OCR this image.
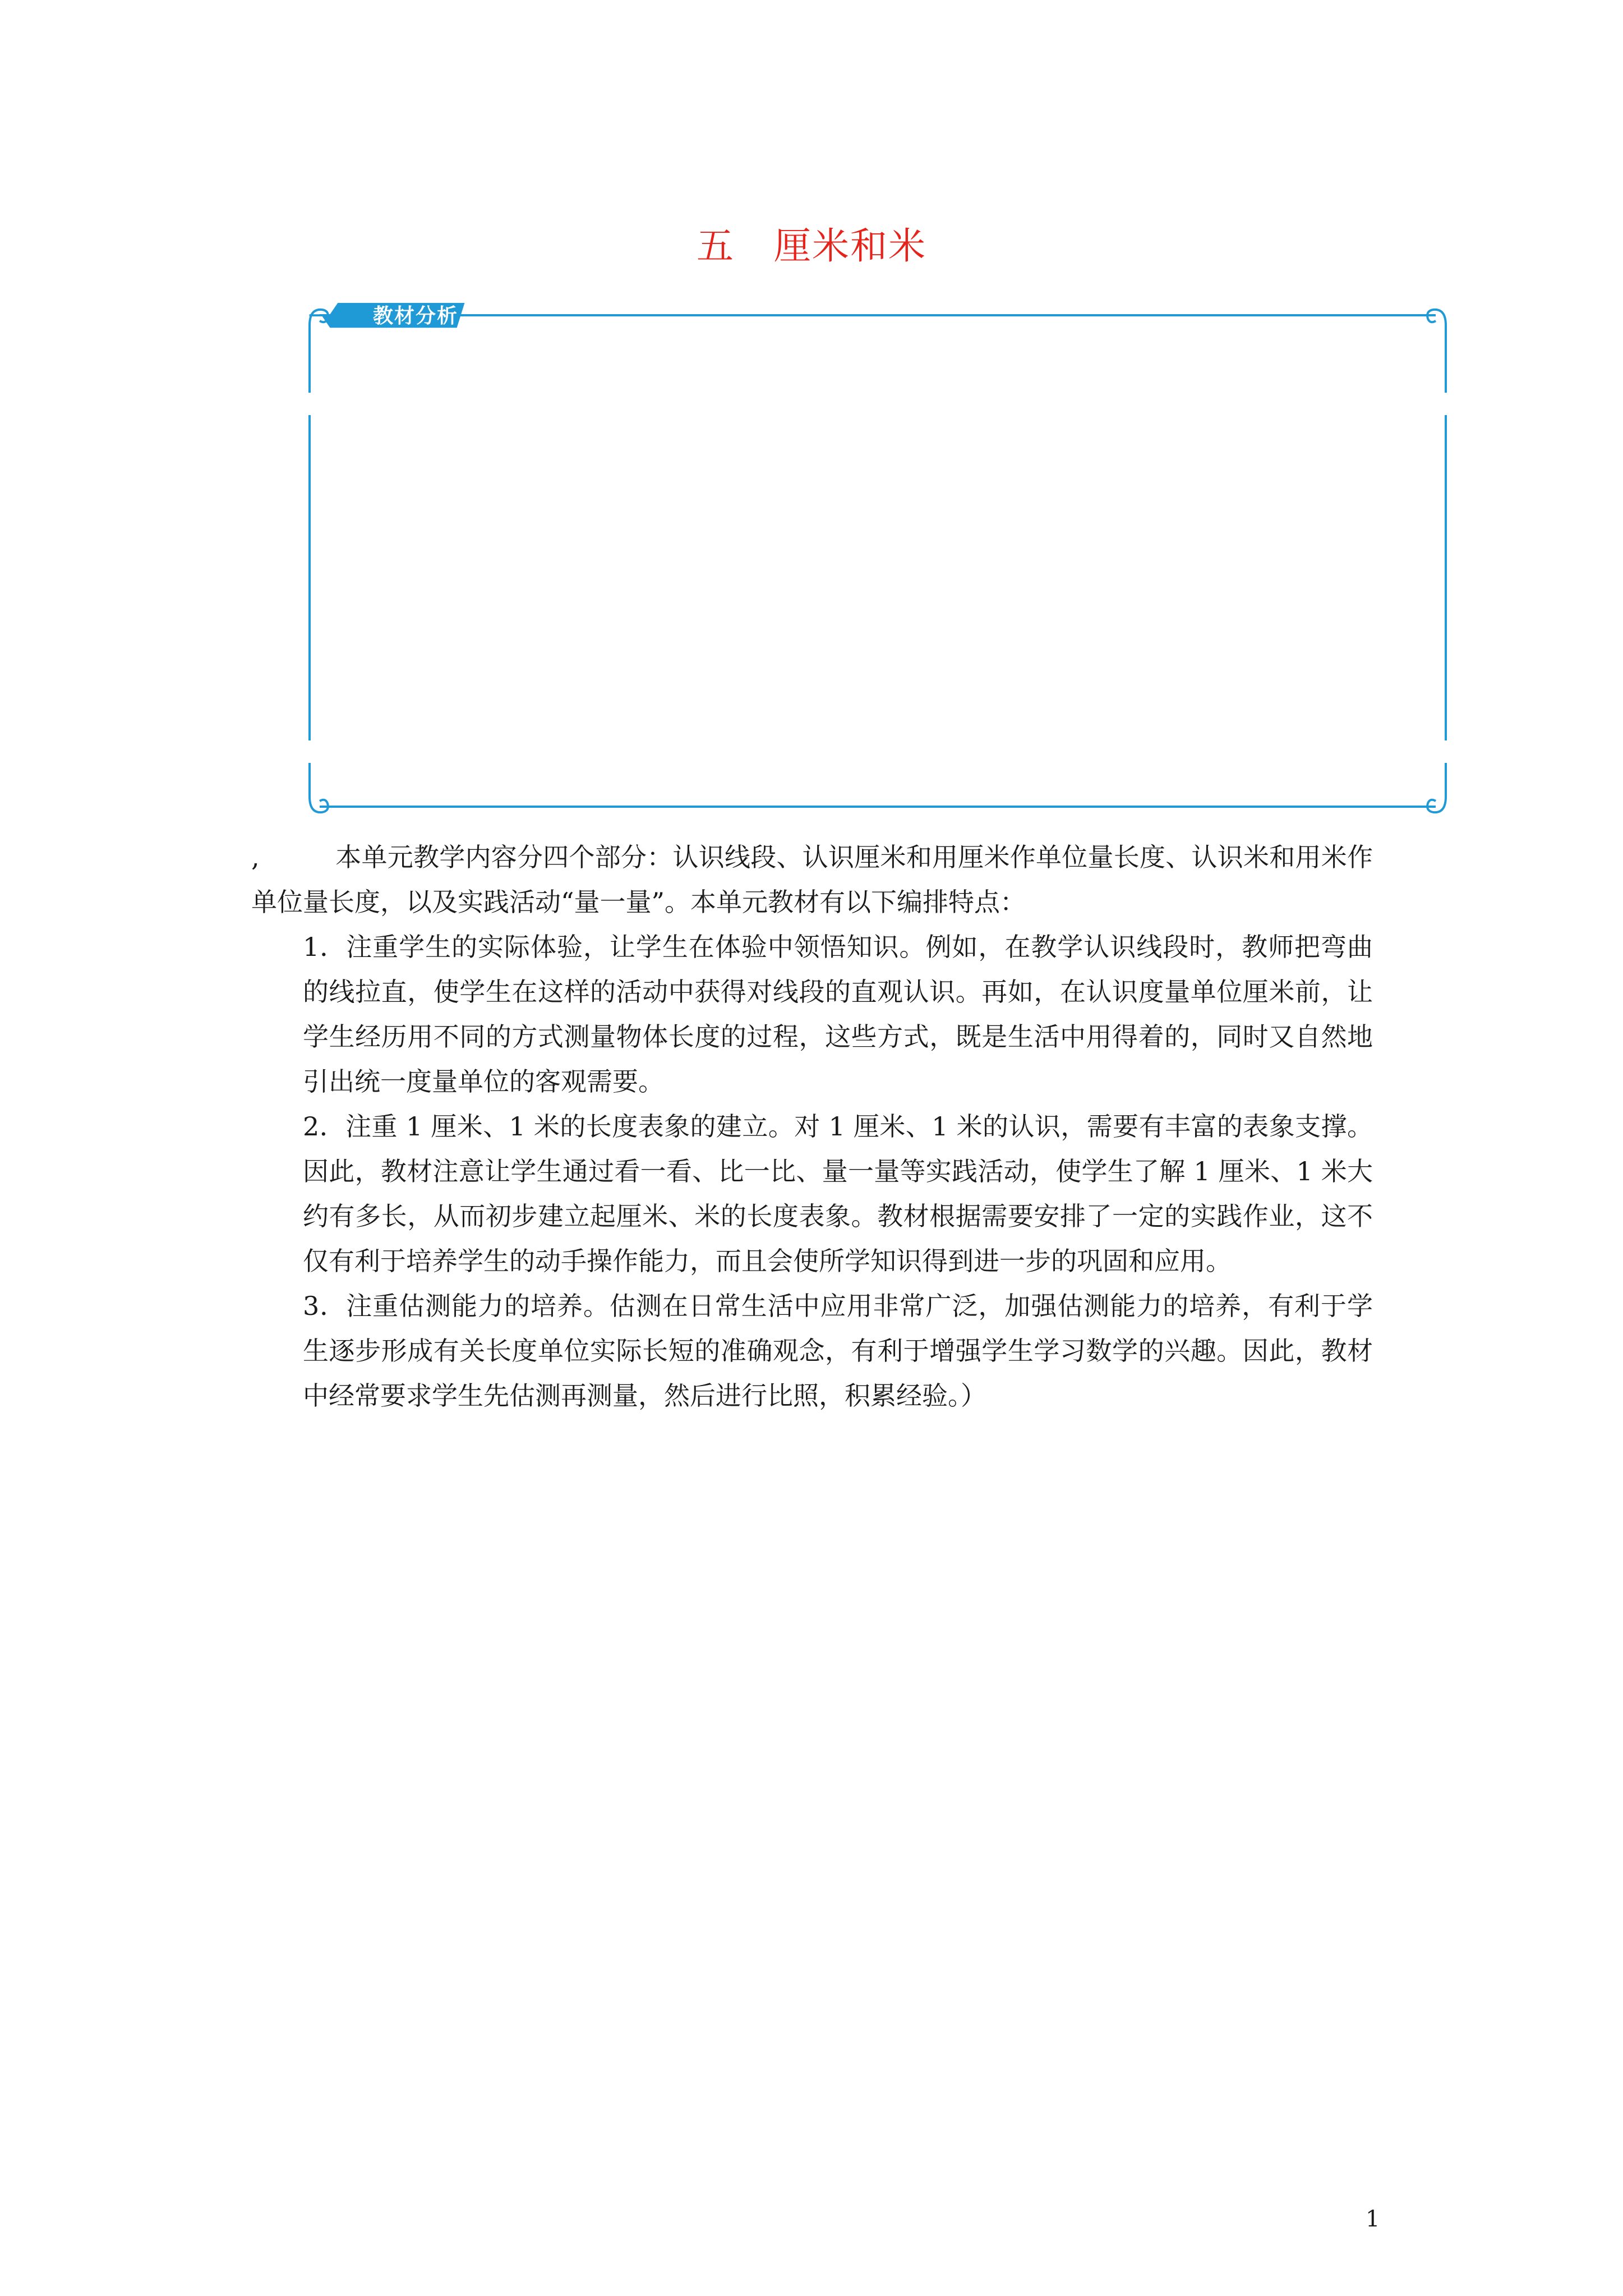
五 厘米和米
教材分析

,	本单元教学内容分四个部分：认识线段、认识厘米和用厘米作单位量长度、认识米和用米作单位量长度，以及实践活动“量一量”。本单元教材有以下编排特点：

1．注重学生的实际体验，让学生在体验中领悟知识。例如，在教学认识线段时，教师把弯曲的线拉直，使学生在这样的活动中获得对线段的直观认识。再如，在认识度量单位厘米前，让学生经历用不同的方式测量物体长度的过程，这些方式，既是生活中用得着的，同时又自然地引出统一度量单位的客观需要。

2．注重 1 厘米、1 米的长度表象的建立。对 1 厘米、1 米的认识，需要有丰富的表象支撑。因此，教材注意让学生通过看一看、比一比、量一量等实践活动，使学生了解 1 厘米、1 米大约有多长，从而初步建立起厘米、米的长度表象。教材根据需要安排了一定的实践作业，这不仅有利于培养学生的动手操作能力，而且会使所学知识得到进一步的巩固和应用。

3．注重估测能力的培养。估测在日常生活中应用非常广泛，加强估测能力的培养，有利于学生逐步形成有关长度单位实际长短的准确观念，有利于增强学生学习数学的兴趣。因此，教材中经常要求学生先估测再测量，然后进行比照，积累经验。）

1
